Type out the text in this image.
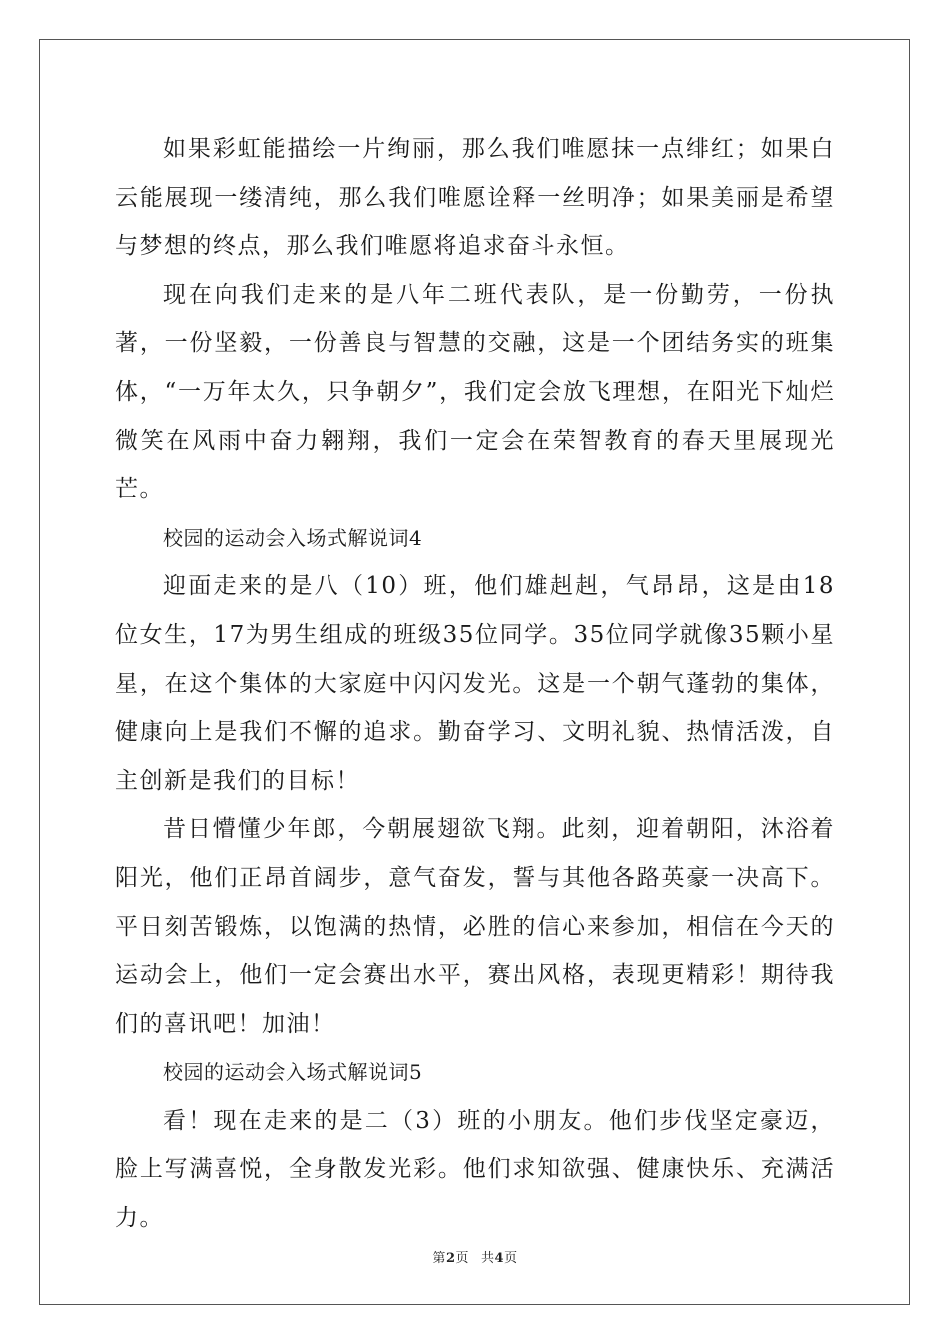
如果彩虹能描绘一片绚丽，那么我们唯愿抹一点绯红；如果白云能展现一缕清纯，那么我们唯愿诠释一丝明净；如果美丽是希望与梦想的终点，那么我们唯愿将追求奋斗永恒。

现在向我们走来的是八年二班代表队，是一份勤劳，一份执著，一份坚毅，一份善良与智慧的交融，这是一个团结务实的班集体，“一万年太久，只争朝夕”，我们定会放飞理想，在阳光下灿烂微笑在风雨中奋力翱翔，我们一定会在荣智教育的春天里展现光芒。

校园的运动会入场式解说词4

迎面走来的是八（10）班，他们雄赳赳，气昂昂，这是由18位女生，17为男生组成的班级35位同学。35位同学就像35颗小星星，在这个集体的大家庭中闪闪发光。这是一个朝气蓬勃的集体，健康向上是我们不懈的追求。勤奋学习、文明礼貌、热情活泼，自主创新是我们的目标！

昔日懵懂少年郎，今朝展翅欲飞翔。此刻，迎着朝阳，沐浴着阳光，他们正昂首阔步，意气奋发，誓与其他各路英豪一决高下。平日刻苦锻炼，以饱满的热情，必胜的信心来参加，相信在今天的运动会上，他们一定会赛出水平，赛出风格，表现更精彩！期待我们的喜讯吧！加油！

校园的运动会入场式解说词5

看！现在走来的是二（3）班的小朋友。他们步伐坚定豪迈，脸上写满喜悦，全身散发光彩。他们求知欲强、健康快乐、充满活力。

第2页 共4页
